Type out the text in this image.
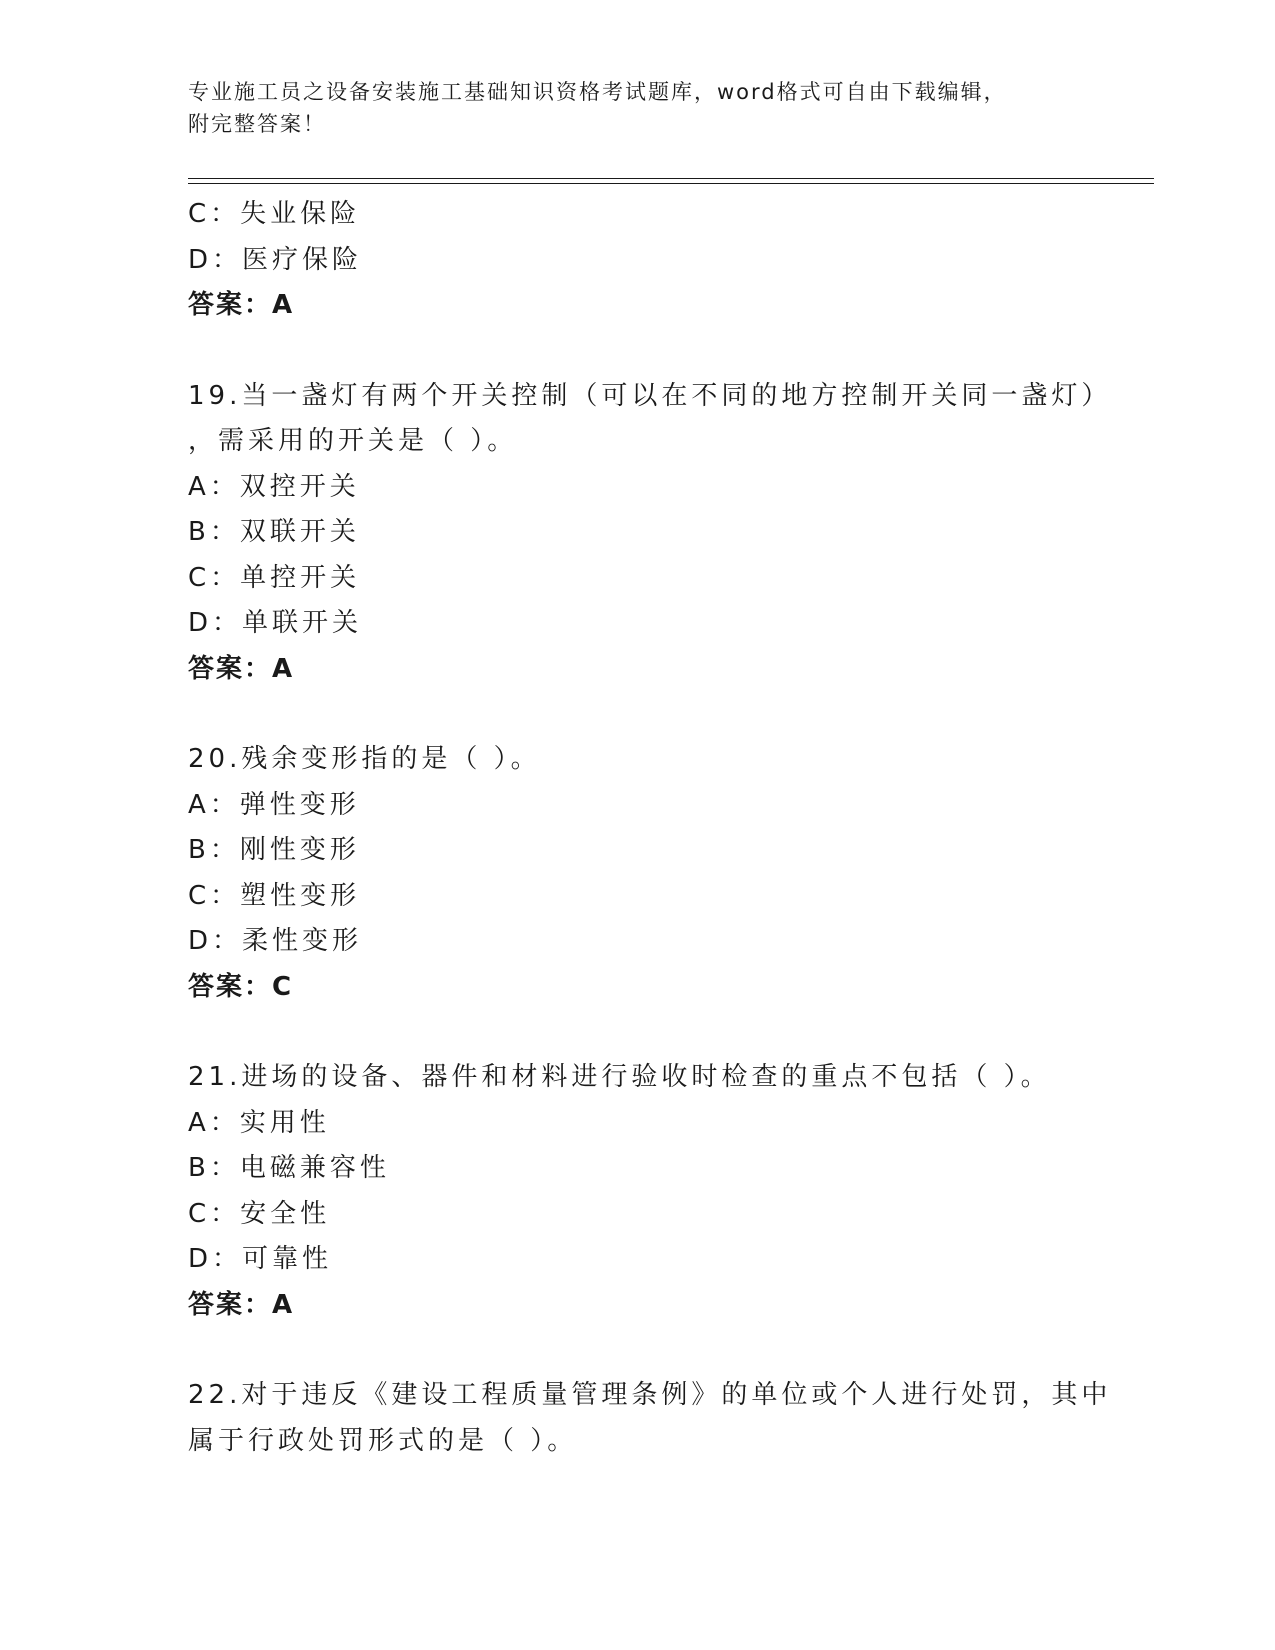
专业施工员之设备安装施工基础知识资格考试题库，word格式可自由下载编辑，
附完整答案！
C：失业保险
D：医疗保险
答案：A
19.当一盏灯有两个开关控制（可以在不同的地方控制开关同一盏灯）
，需采用的开关是（ ）。
A：双控开关
B：双联开关
C：单控开关
D：单联开关
答案：A
20.残余变形指的是（ ）。
A：弹性变形
B：刚性变形
C：塑性变形
D：柔性变形
答案：C
21.进场的设备、器件和材料进行验收时检查的重点不包括（ ）。
A：实用性
B：电磁兼容性
C：安全性
D：可靠性
答案：A
22.对于违反《建设工程质量管理条例》的单位或个人进行处罚，其中
属于行政处罚形式的是（ ）。
